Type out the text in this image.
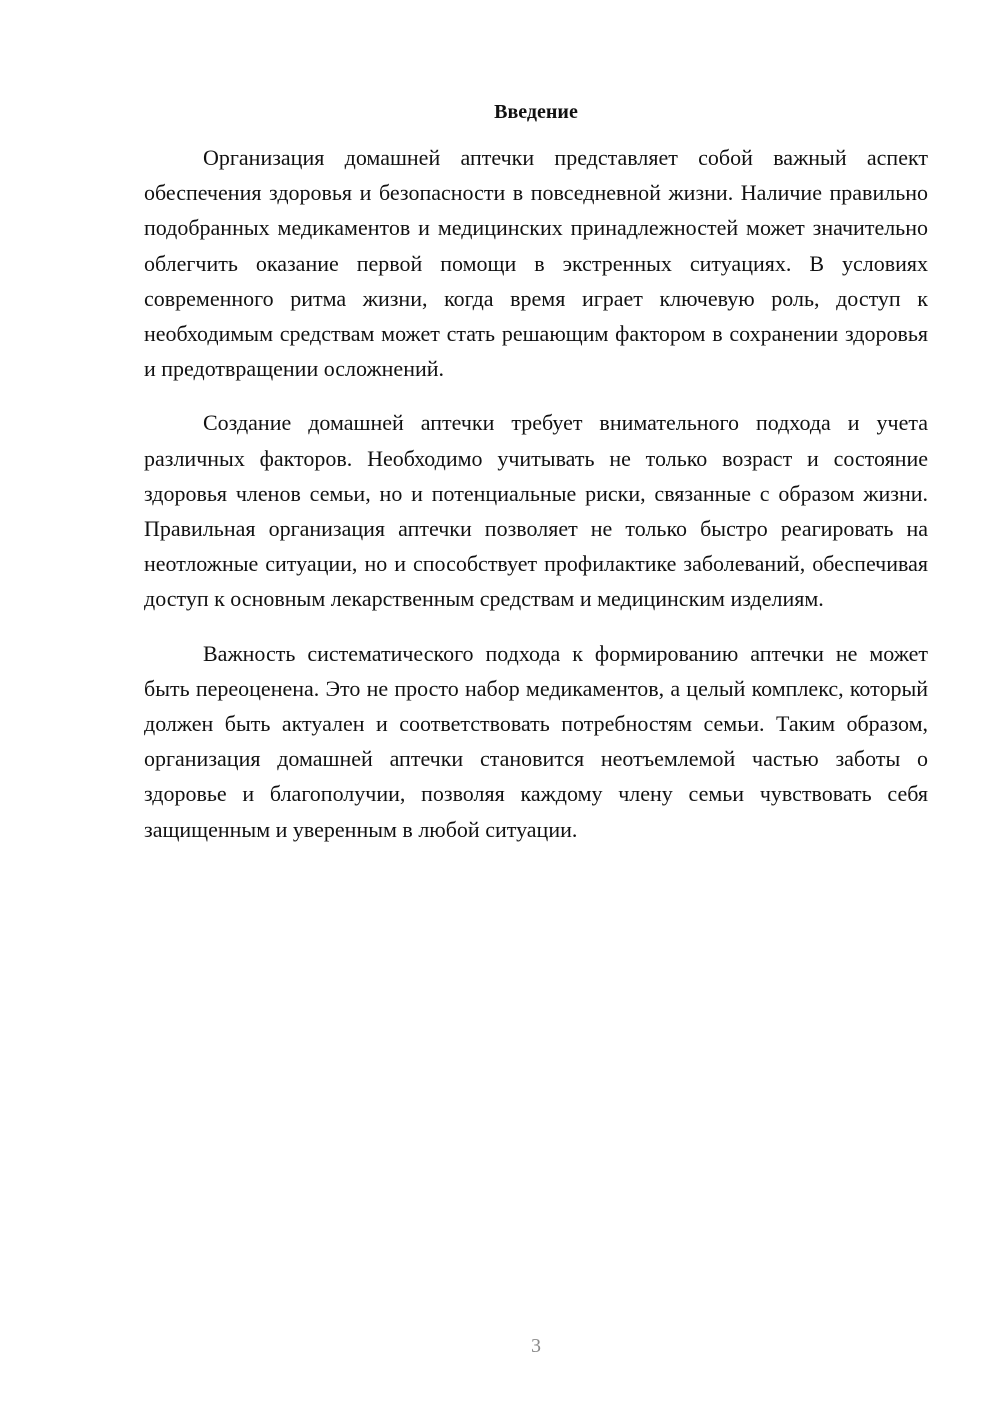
Введение

Организация домашней аптечки представляет собой важный аспект обеспечения здоровья и безопасности в повседневной жизни. Наличие правильно подобранных медикаментов и медицинских принадлежностей может значительно облегчить оказание первой помощи в экстренных ситуациях. В условиях современного ритма жизни, когда время играет ключевую роль, доступ к необходимым средствам может стать решающим фактором в сохранении здоровья и предотвращении осложнений.

Создание домашней аптечки требует внимательного подхода и учета различных факторов. Необходимо учитывать не только возраст и состояние здоровья членов семьи, но и потенциальные риски, связанные с образом жизни. Правильная организация аптечки позволяет не только быстро реагировать на неотложные ситуации, но и способствует профилактике заболеваний, обеспечивая доступ к основным лекарственным средствам и медицинским изделиям.

Важность систематического подхода к формированию аптечки не может быть переоценена. Это не просто набор медикаментов, а целый комплекс, который должен быть актуален и соответствовать потребностям семьи. Таким образом, организация домашней аптечки становится неотъемлемой частью заботы о здоровье и благополучии, позволяя каждому члену семьи чувствовать себя защищенным и уверенным в любой ситуации.

3
